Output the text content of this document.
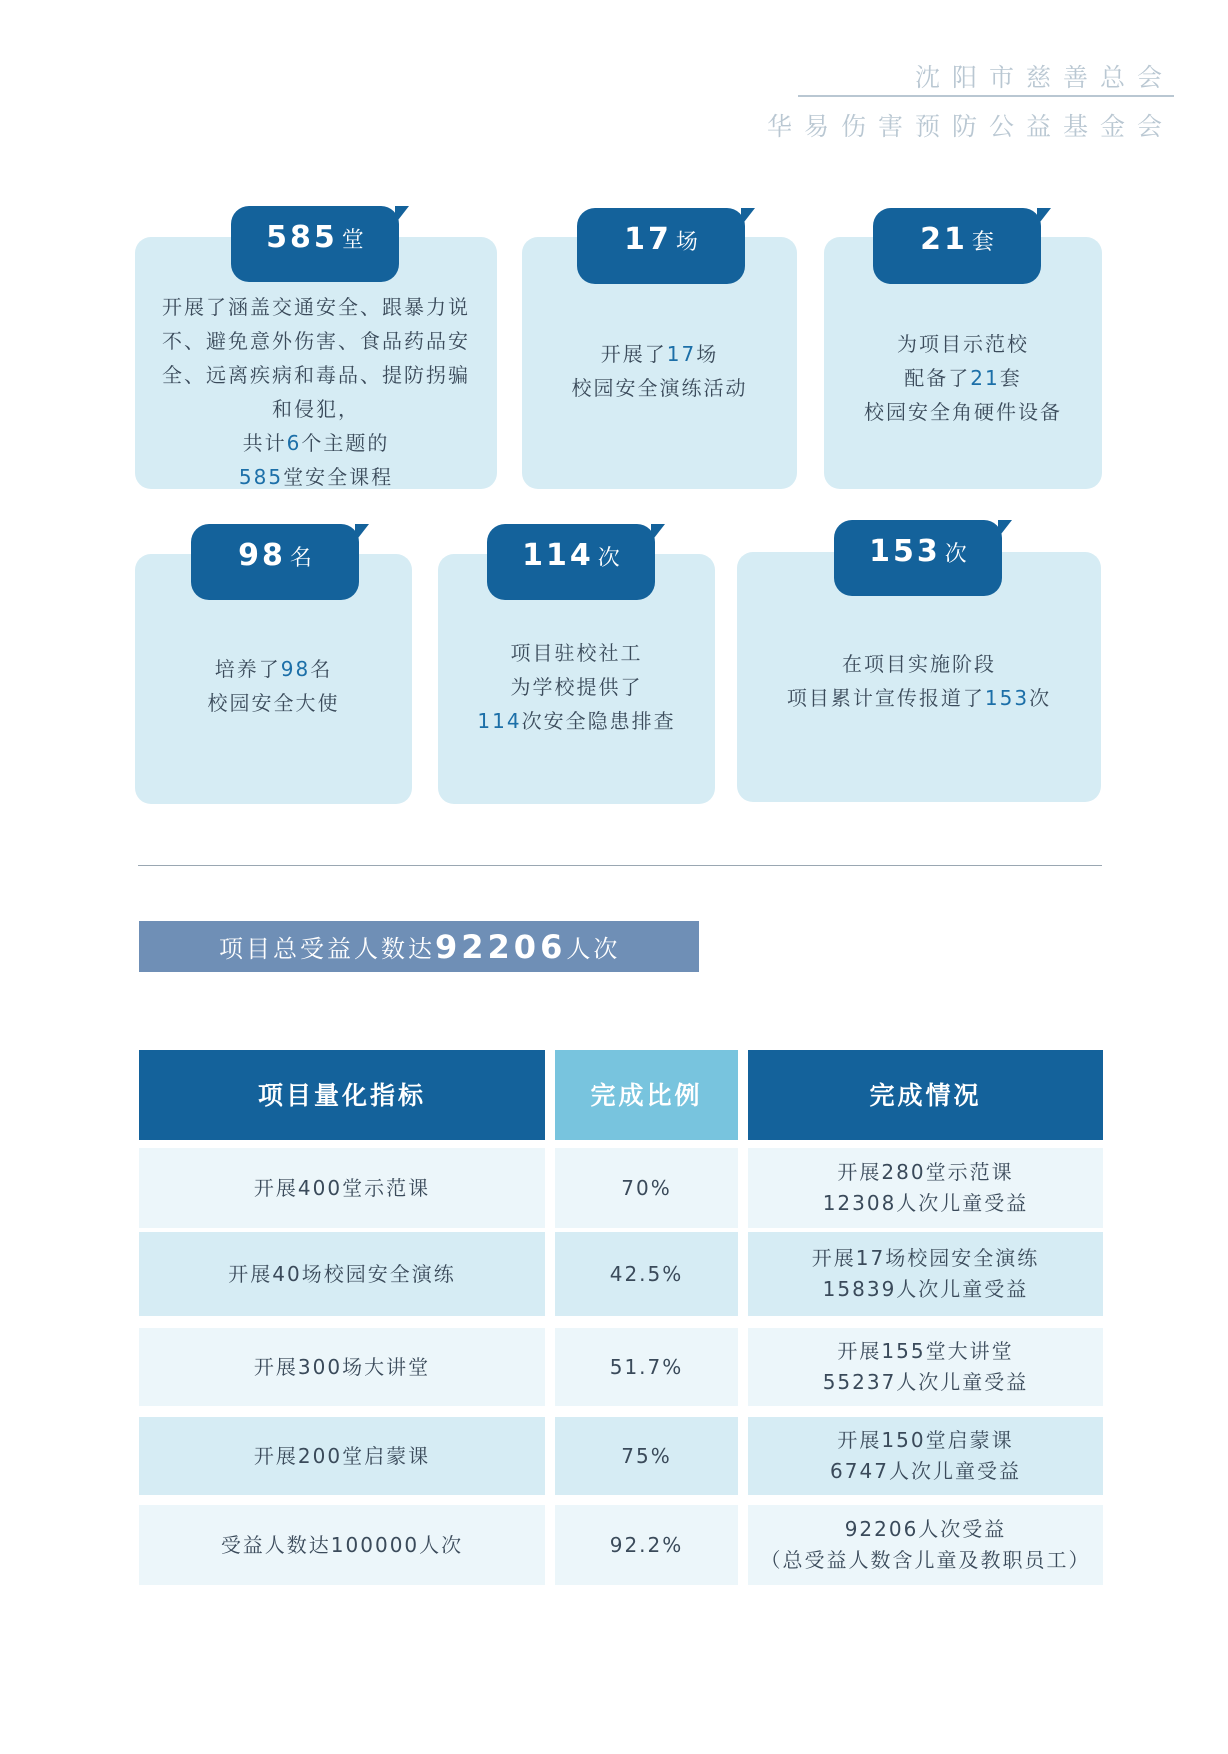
沈阳市慈善总会
华易伤害预防公益基金会
585 堂
开展了涵盖交通安全、跟暴力说
不、避免意外伤害、食品药品安
全、远离疾病和毒品、提防拐骗
和侵犯，
共计6个主题的
585堂安全课程
17 场
开展了17场
校园安全演练活动
21 套
为项目示范校
配备了21套
校园安全角硬件设备
98 名
培养了98名
校园安全大使
114 次
项目驻校社工
为学校提供了
114次安全隐患排查
153 次
在项目实施阶段
项目累计宣传报道了153次
项目总受益人数达 92206 人次
项目量化指标	完成比例	完成情况
开展400堂示范课	70%
开展280堂示范课
12308人次儿童受益
开展40场校园安全演练	42.5%
开展17场校园安全演练
15839人次儿童受益
开展300场大讲堂	51.7%
开展155堂大讲堂
55237人次儿童受益
开展200堂启蒙课	75%
开展150堂启蒙课
6747人次儿童受益
受益人数达100000人次	92.2%
92206人次受益
（总受益人数含儿童及教职员工）
